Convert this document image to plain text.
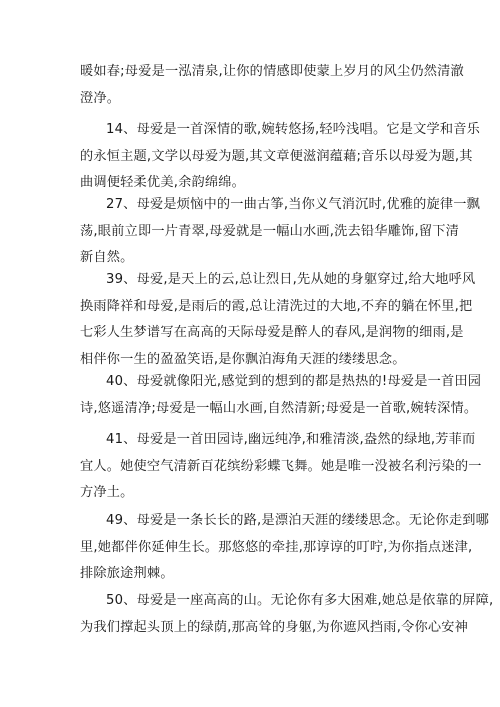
暖如春;母爱是一泓清泉,让你的情感即使蒙上岁月的风尘仍然清澈
澄净。
14、母爱是一首深情的歌,婉转悠扬,轻吟浅唱。它是文学和音乐
的永恒主题,文学以母爱为题,其文章便滋润蕴藉;音乐以母爱为题,其
曲调便轻柔优美,余韵绵绵。
27、母爱是烦恼中的一曲古筝,当你义气消沉时,优雅的旋律一飘
荡,眼前立即一片青翠,母爱就是一幅山水画,洗去铅华雕饰,留下清
新自然。
39、母爱,是天上的云,总让烈日,先从她的身躯穿过,给大地呼风
换雨降祥和母爱,是雨后的霞,总让清洗过的大地,不弃的躺在怀里,把
七彩人生梦谱写在高高的天际母爱是醉人的春风,是润物的细雨,是
相伴你一生的盈盈笑语,是你飘泊海角天涯的缕缕思念。
40、母爱就像阳光,感觉到的想到的都是热热的!母爱是一首田园
诗,悠遥清净;母爱是一幅山水画,自然清新;母爱是一首歌,婉转深情。
41、母爱是一首田园诗,幽远纯净,和雅清淡,盎然的绿地,芳菲而
宜人。她使空气清新百花缤纷彩蝶飞舞。她是唯一没被名利污染的一
方净土。
49、母爱是一条长长的路,是漂泊天涯的缕缕思念。无论你走到哪
里,她都伴你延伸生长。那悠悠的牵挂,那谆谆的叮咛,为你指点迷津,
排除旅途荆棘。
50、母爱是一座高高的山。无论你有多大困难,她总是依靠的屏障,
为我们撑起头顶上的绿荫,那高耸的身躯,为你遮风挡雨,令你心安神
